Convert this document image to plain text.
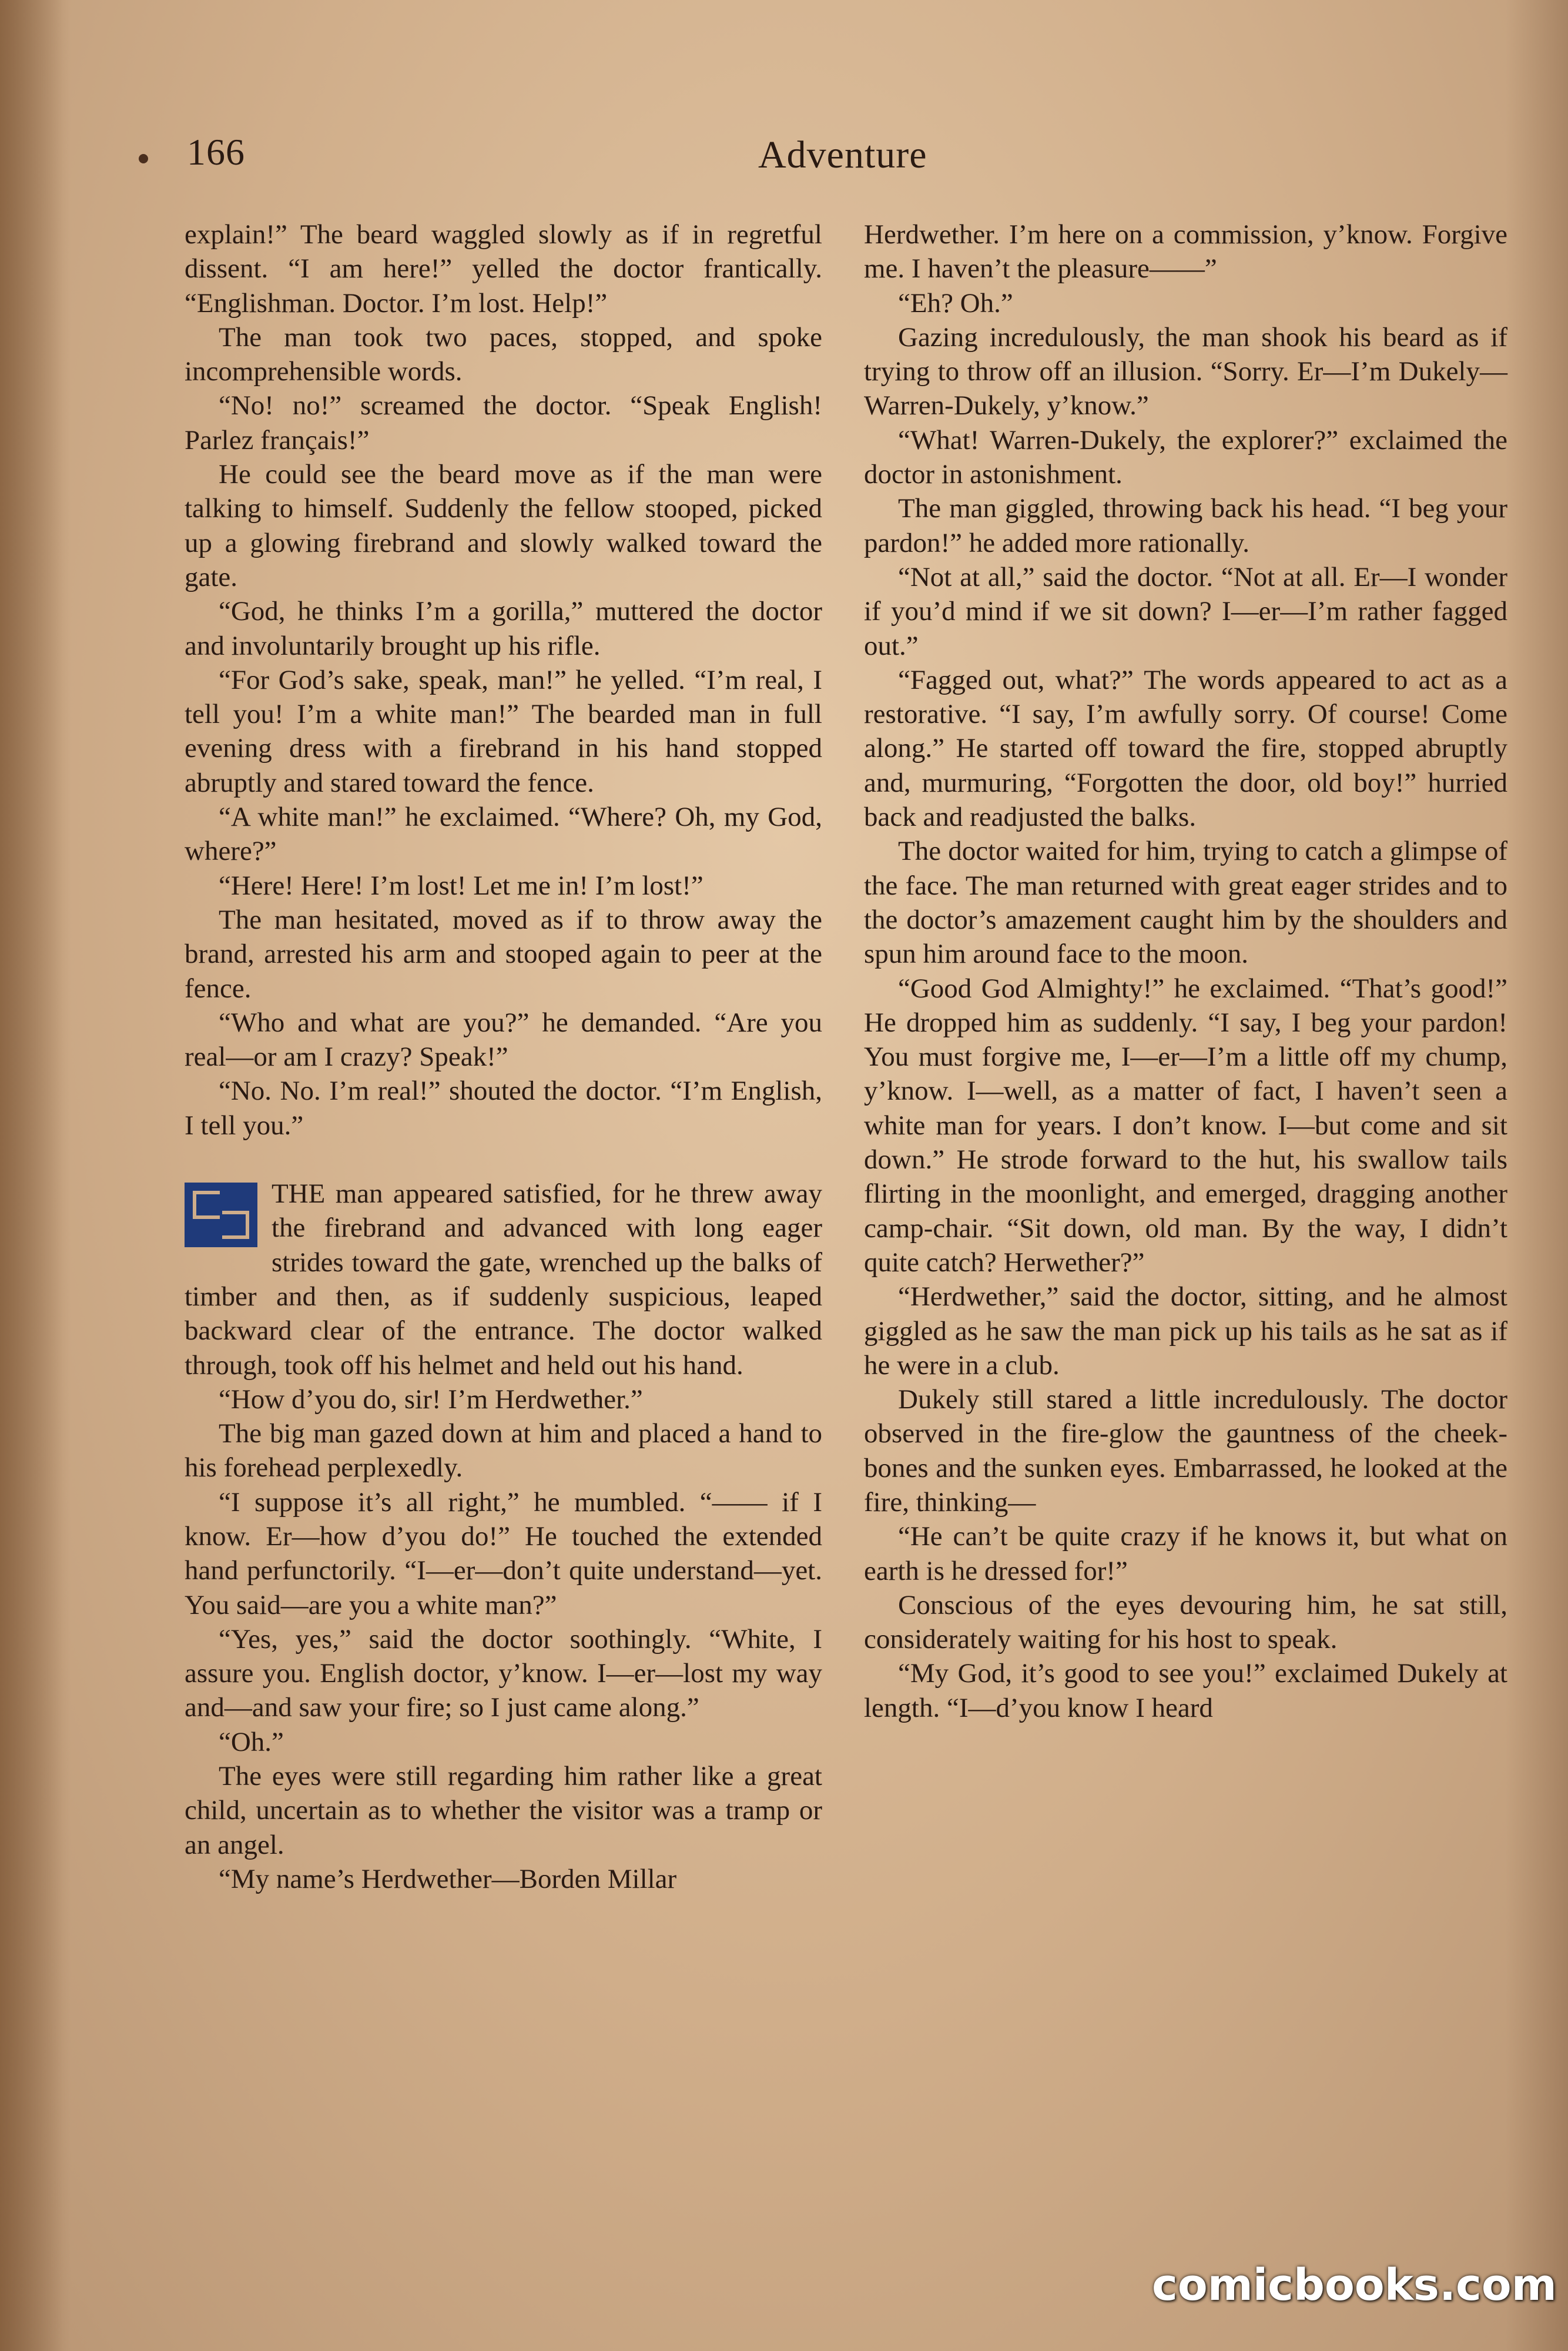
166	Adventure

explain!” The beard waggled slowly as if in regretful dissent. “I am here!” yelled the doctor frantically. “Englishman. Doctor. I’m lost. Help!”

The man took two paces, stopped, and spoke incomprehensible words.

“No! no!” screamed the doctor. “Speak English! Parlez français!”

He could see the beard move as if the man were talking to himself. Suddenly the fellow stooped, picked up a glowing firebrand and slowly walked toward the gate.

“God, he thinks I’m a gorilla,” muttered the doctor and involuntarily brought up his rifle.

“For God’s sake, speak, man!” he yelled. “I’m real, I tell you! I’m a white man!” The bearded man in full evening dress with a firebrand in his hand stopped abruptly and stared toward the fence.

“A white man!” he exclaimed. “Where? Oh, my God, where?”

“Here! Here! I’m lost! Let me in! I’m lost!”

The man hesitated, moved as if to throw away the brand, arrested his arm and stooped again to peer at the fence.

“Who and what are you?” he demanded. “Are you real—or am I crazy? Speak!”

“No. No. I’m real!” shouted the doctor. “I’m English, I tell you.”

THE man appeared satisfied, for he threw away the firebrand and advanced with long eager strides toward the gate, wrenched up the balks of timber and then, as if suddenly suspicious, leaped backward clear of the entrance. The doctor walked through, took off his helmet and held out his hand.

“How d’you do, sir! I’m Herdwether.”

The big man gazed down at him and placed a hand to his forehead perplexedly.

“I suppose it’s all right,” he mumbled. “—— if I know. Er—how d’you do!” He touched the extended hand perfunctorily. “I—er—don’t quite understand—yet. You said—are you a white man?”

“Yes, yes,” said the doctor soothingly. “White, I assure you. English doctor, y’know. I—er—lost my way and—and saw your fire; so I just came along.”

“Oh.”

The eyes were still regarding him rather like a great child, uncertain as to whether the visitor was a tramp or an angel.

“My name’s Herdwether—Borden Millar

Herdwether. I’m here on a commission, y’know. Forgive me. I haven’t the pleasure——”

“Eh? Oh.”

Gazing incredulously, the man shook his beard as if trying to throw off an illusion. “Sorry. Er—I’m Dukely—Warren-Dukely, y’know.”

“What! Warren-Dukely, the explorer?” exclaimed the doctor in astonishment.

The man giggled, throwing back his head. “I beg your pardon!” he added more rationally.

“Not at all,” said the doctor. “Not at all. Er—I wonder if you’d mind if we sit down? I—er—I’m rather fagged out.”

“Fagged out, what?” The words appeared to act as a restorative. “I say, I’m awfully sorry. Of course! Come along.” He started off toward the fire, stopped abruptly and, murmuring, “Forgotten the door, old boy!” hurried back and readjusted the balks.

The doctor waited for him, trying to catch a glimpse of the face. The man returned with great eager strides and to the doctor’s amazement caught him by the shoulders and spun him around face to the moon.

“Good God Almighty!” he exclaimed. “That’s good!” He dropped him as suddenly. “I say, I beg your pardon! You must forgive me, I—er—I’m a little off my chump, y’know. I—well, as a matter of fact, I haven’t seen a white man for years. I don’t know. I—but come and sit down.” He strode forward to the hut, his swallow tails flirting in the moonlight, and emerged, dragging another camp-chair. “Sit down, old man. By the way, I didn’t quite catch? Herwether?”

“Herdwether,” said the doctor, sitting, and he almost giggled as he saw the man pick up his tails as he sat as if he were in a club.

Dukely still stared a little incredulously. The doctor observed in the fire-glow the gauntness of the cheek-bones and the sunken eyes. Embarrassed, he looked at the fire, thinking—

“He can’t be quite crazy if he knows it, but what on earth is he dressed for!”

Conscious of the eyes devouring him, he sat still, considerately waiting for his host to speak.

“My God, it’s good to see you!” exclaimed Dukely at length. “I—d’you know I heard

comicbooks.com
